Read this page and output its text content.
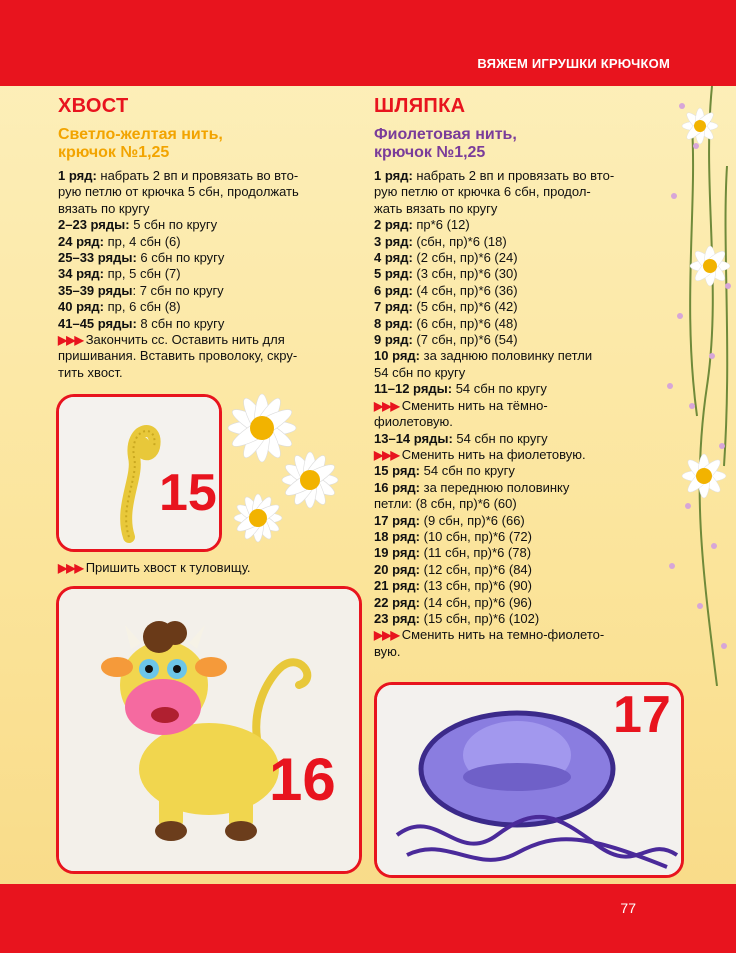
ВЯЖЕМ ИГРУШКИ КРЮЧКОМ
ХВОСТ
Светло-желтая нить,
крючок №1,25

1 ряд: набрать 2 вп и провязать во вто-

рую петлю от крючка 5 сбн, продолжать

вязать по кругу

2–23 ряды: 5 сбн по кругу

24 ряд: пр, 4 сбн (6)

25–33 ряды: 6 сбн по кругу

34 ряд: пр, 5 сбн (7)

35–39 ряды: 7 сбн по кругу

40 ряд: пр, 6 сбн (8)

41–45 ряды: 8 сбн по кругу

▶▶▶ Закончить сс. Оставить нить для

пришивания. Вставить проволоку, скру-

тить хвост.

15
▶▶▶ Пришить хвост к туловищу.
16
ШЛЯПКА
Фиолетовая нить,
крючок №1,25

1 ряд: набрать 2 вп и провязать во вто-

рую петлю от крючка 6 сбн, продол-

жать вязать по кругу

2 ряд: пр*6 (12)

3 ряд: (сбн, пр)*6 (18)

4 ряд: (2 сбн, пр)*6 (24)

5 ряд: (3 сбн, пр)*6 (30)

6 ряд: (4 сбн, пр)*6 (36)

7 ряд: (5 сбн, пр)*6 (42)

8 ряд: (6 сбн, пр)*6 (48)

9 ряд: (7 сбн, пр)*6 (54)

10 ряд: за заднюю половинку петли

54 сбн по кругу

11–12 ряды: 54 сбн по кругу

▶▶▶ Сменить нить на тёмно-

фиолетовую.

13–14 ряды: 54 сбн по кругу

▶▶▶ Сменить нить на фиолетовую.

15 ряд: 54 сбн по кругу

16 ряд: за переднюю половинку

петли: (8 сбн, пр)*6 (60)

17 ряд: (9 сбн, пр)*6 (66)

18 ряд: (10 сбн, пр)*6 (72)

19 ряд: (11 сбн, пр)*6 (78)

20 ряд: (12 сбн, пр)*6 (84)

21 ряд: (13 сбн, пр)*6 (90)

22 ряд: (14 сбн, пр)*6 (96)

23 ряд: (15 сбн, пр)*6 (102)

▶▶▶ Сменить нить на темно-фиолето-

вую.

17
77
